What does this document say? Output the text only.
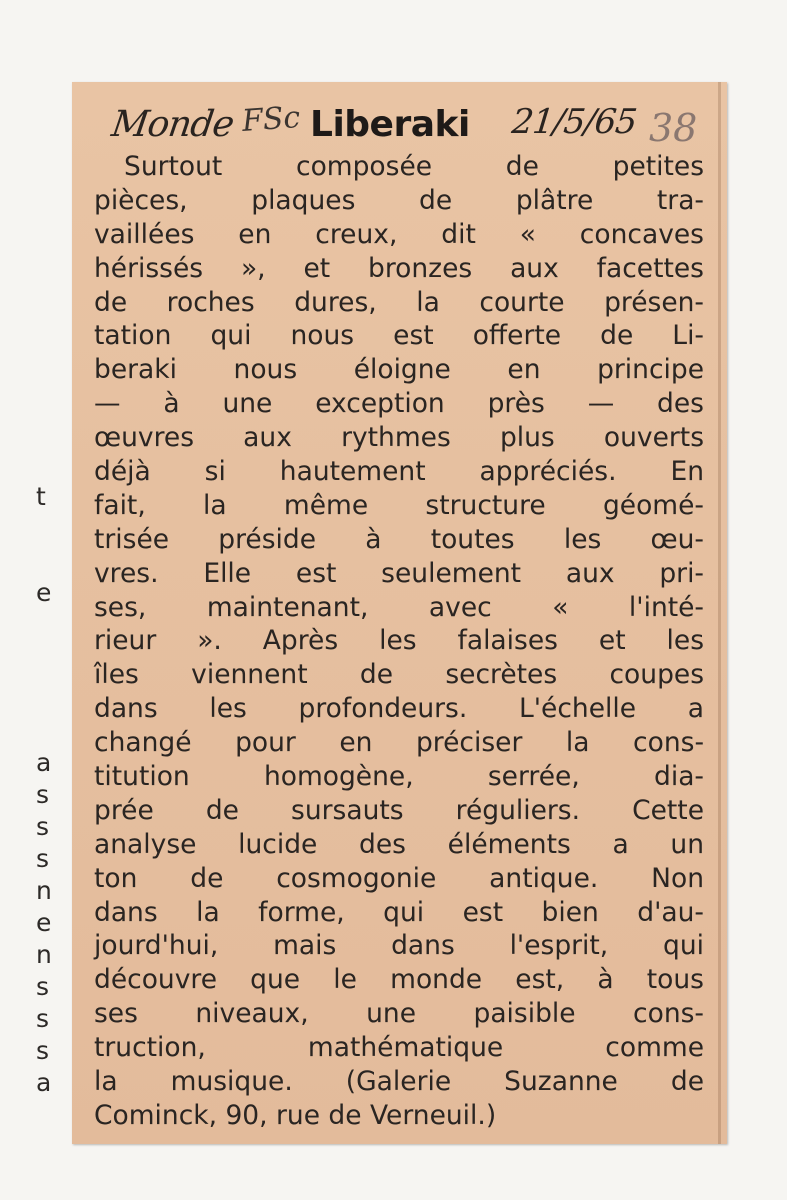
t
e
a
s
s
s
n
e
n
s
s
s
a
Monde FSc Liberaki 21/5/65 38
Surtout composée de petites
pièces, plaques de plâtre tra-
vaillées en creux, dit « concaves
hérissés », et bronzes aux facettes
de roches dures, la courte présen-
tation qui nous est offerte de Li-
beraki nous éloigne en principe
— à une exception près — des
œuvres aux rythmes plus ouverts
déjà si hautement appréciés. En
fait, la même structure géomé-
trisée préside à toutes les œu-
vres. Elle est seulement aux pri-
ses, maintenant, avec « l'inté-
rieur ». Après les falaises et les
îles viennent de secrètes coupes
dans les profondeurs. L'échelle a
changé pour en préciser la cons-
titution homogène, serrée, dia-
prée de sursauts réguliers. Cette
analyse lucide des éléments a un
ton de cosmogonie antique. Non
dans la forme, qui est bien d'au-
jourd'hui, mais dans l'esprit, qui
découvre que le monde est, à tous
ses niveaux, une paisible cons-
truction, mathématique comme
la musique. (Galerie Suzanne de
Cominck, 90, rue de Verneuil.)
